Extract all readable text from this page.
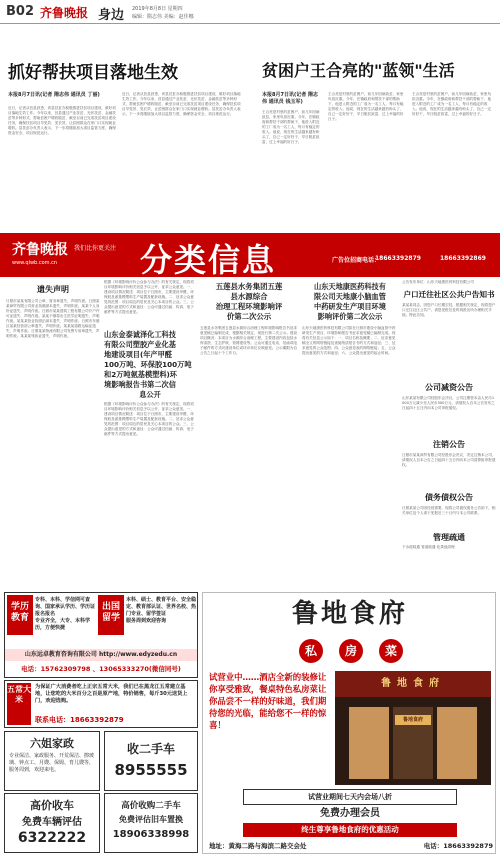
B02 齐鲁晚报 身边 2019年8月8日 星期四
编辑：隋志伟 美编：赵佳娜
抓好帮扶项目落地生效	贫困户王合亮的"蓝领"生活
本报8月7日讯(记者 隋志伟 通讯员 丁丽)
近日，记者从莒县获悉，该县扶贫办积极推进扶贫项目建设，做好项目落地生效工作。今年以来，莒县通过产业扶贫、光伏扶贫、金融扶贫等多种形式，帮助贫困户增收脱贫，截至目前已完成扶贫项目建设任务，确保扶贫项目早见效、见长效，让贫困群众在家门口实现就业增收。县扶贫办负责人表示，下一步将继续加大项目监管力度，确保资金安全、项目规范运行。
近日，记者从莒县获悉，该县扶贫办积极推进扶贫项目建设，做好项目落地生效工作。今年以来，莒县通过产业扶贫、光伏扶贫、金融扶贫等多种形式，帮助贫困户增收脱贫，截至目前已完成扶贫项目建设任务，确保扶贫项目早见效、见长效，让贫困群众在家门口实现就业增收。县扶贫办负责人表示，下一步将继续加大项目监管力度，确保资金安全、项目规范运行。
本报8月7日讯(记者 隋志伟 通讯员 钱玉军)
王合亮是村里的贫困户，前几年因病致贫，家里负担沉重。今年，在镇政府和帮扶干部的帮助下，他进入附近的工厂成为一名工人，每月有稳定的收入。他说，现在的生活越来越有盼头了，自己一定好好干，早日脱贫致富，过上幸福的好日子。
王合亮是村里的贫困户，前几年因病致贫，家里负担沉重。今年，在镇政府和帮扶干部的帮助下，他进入附近的工厂成为一名工人，每月有稳定的收入。他说，现在的生活越来越有盼头了，自己一定好好干，早日脱贫致富，过上幸福的好日子。
王合亮是村里的贫困户，前几年因病致贫，家里负担沉重。今年，在镇政府和帮扶干部的帮助下，他进入附近的工厂成为一名工人，每月有稳定的收入。他说，现在的生活越来越有盼头了，自己一定好好干，早日脱贫致富，过上幸福的好日子。
齐鲁晚报 我们比你更关注
www.qlwb.com.cn	分类信息	广告位招商电话：
18663392879	18663392869
遗失声明
日照市某某有限公司公章、财务章遗失，声明作废。日照某某商贸有限公司营业执照副本遗失，声明作废。某某个人身份证遗失，声明作废。日照市某某建筑工程有限公司开户许可证遗失，声明作废。某某不慎将出生医学证明遗失，声明作废。某某某营业执照正副本遗失，声明作废。日照市东港区某某经营部公章遗失，声明作废。某某某道路运输证遗失，声明作废。日照某某物流有限公司发票专用章遗失，声明作废。某某某残疾证遗失，声明作废。
根据《环境影响评价公众参与办法》的有关规定，现将项目环境影响评价相关信息予以公开，征求公众意见。一、建设项目情况简述：项目位于日照市，主要建设甲醛、环保胶及氨基模塑料生产装置及配套设施。二、征求公众意见的范围：项目周边的居民及关心本项目的公众。三、公众提出意见的方式和途径：公众可通过信函、传真、电子邮件等方式提出意见。
山东金泰诚泽化工科技
有限公司塑胶产业化基
地建设项目(年产甲醛
100万吨、环保胶100万吨
和2万吨氨基模塑料)环
境影响报告书第二次信
息公开
根据《环境影响评价公众参与办法》的有关规定，现将项目环境影响评价相关信息予以公开，征求公众意见。一、建设项目情况简述：项目位于日照市，主要建设甲醛、环保胶及氨基模塑料生产装置及配套设施。二、征求公众意见的范围：项目周边的居民及关心本项目的公众。三、公众提出意见的方式和途径：公众可通过信函、传真、电子邮件等方式提出意见。
五莲县水务集团五莲
县水源综合
治理工程环境影响评
价第二次公示
五莲县水务集团五莲县水源综合治理工程环境影响报告书征求意见稿已编制完成，根据相关规定，现进行第二次公示。建设项目概况：本项目为水源综合治理工程，主要建设内容包括水库清淤、生态护坡、管网建设等。公众可通过电话、信函或电子邮件的方式向建设单位或环评单位反映意见。公示期限为自公告之日起十个工作日。
山东天地康医药科技有
限公司天地康小脑血管
中药研发生产项目环境
影响评价第二次公示
山东天地康医药科技有限公司拟在日照市建设小脑血管中药研发生产项目，环境影响报告书征求意见稿已编制完成。现将有关信息公示如下：一、项目名称及概要；二、征求意见稿全文的网络链接及查阅纸质报告书的方式和途径；三、征求意见的公众范围；四、公众意见表的网络链接；五、公众提出意见的方式和途径；六、公众提出意见的起止时间。
公告发布单位：山东天地康医药科技有限公司
户口迁往社区公共户告知书
某某某同志，因您户口长期空挂，根据相关规定，现将您户口迁往社区公共户，请您见报后及时到派出所办理相关手续。特此告知。
公司减资公告
山东某某有限公司经股东会决议，公司注册资本由人民币1000万元减少至人民币500万元，请债权人自本公告发布之日起四十五日内向本公司申报债权。
注销公告
日照市某某商贸有限公司经股东会决议，决定注销本公司，请债权人自本公告之日起四十五日内向本公司清算组申报债权。
债务债权公告
日照某某公司因经营需要，现将公司债权债务公告如下，相关单位及个人请于见报后三十日内与本公司联系。
管理疏通
下水道疏通 管道疏通 化粪池清理
学历教育
专科、本科、学信网可查询、国家承认学历、学历证报名报名
专业齐全，大专、本科学历，方便快捷
出国留学
本科、硕士、教育平台、安全稳定、教育部认证、世界名校、热门专业、留学签证
服务周到欢迎咨询
山东远卓教育咨询有限公司 http://www.edyzedu.cn
电话：15762309798 、13065333270(微信同号)
五常大米
为保证广大消费者吃上正宗五常大米，我们已在黑龙江五常建立基地，让您吃的大米百分之百是原产地，特价销售，每斤30元送货上门，欢迎选购。
联系电话：18663392879
六姐家政
专业保洁、家政服务、开荒保洁、擦玻璃、钟点工、月嫂、保姆、育儿嫂等，服务周到，欢迎来电。
收二手车
8955555
高价收车
免费车辆评估
6322222
高价收购二手车
免费评估旧车置换
18906338998
鲁地食府
私	房	菜
试营业中……酒店全新的装修让你享受雅致，餐桌特色私房菜让你品尝不一样的好味道，我们期待您的光临，能给您不一样的惊喜！
鲁地食府
鲁地食府
试营业期间七天内会场八折
免费办理会员
终生尊享鲁地食府的优惠活动
地址：黄海二路与海滨二路交会处	电话：18663392879
